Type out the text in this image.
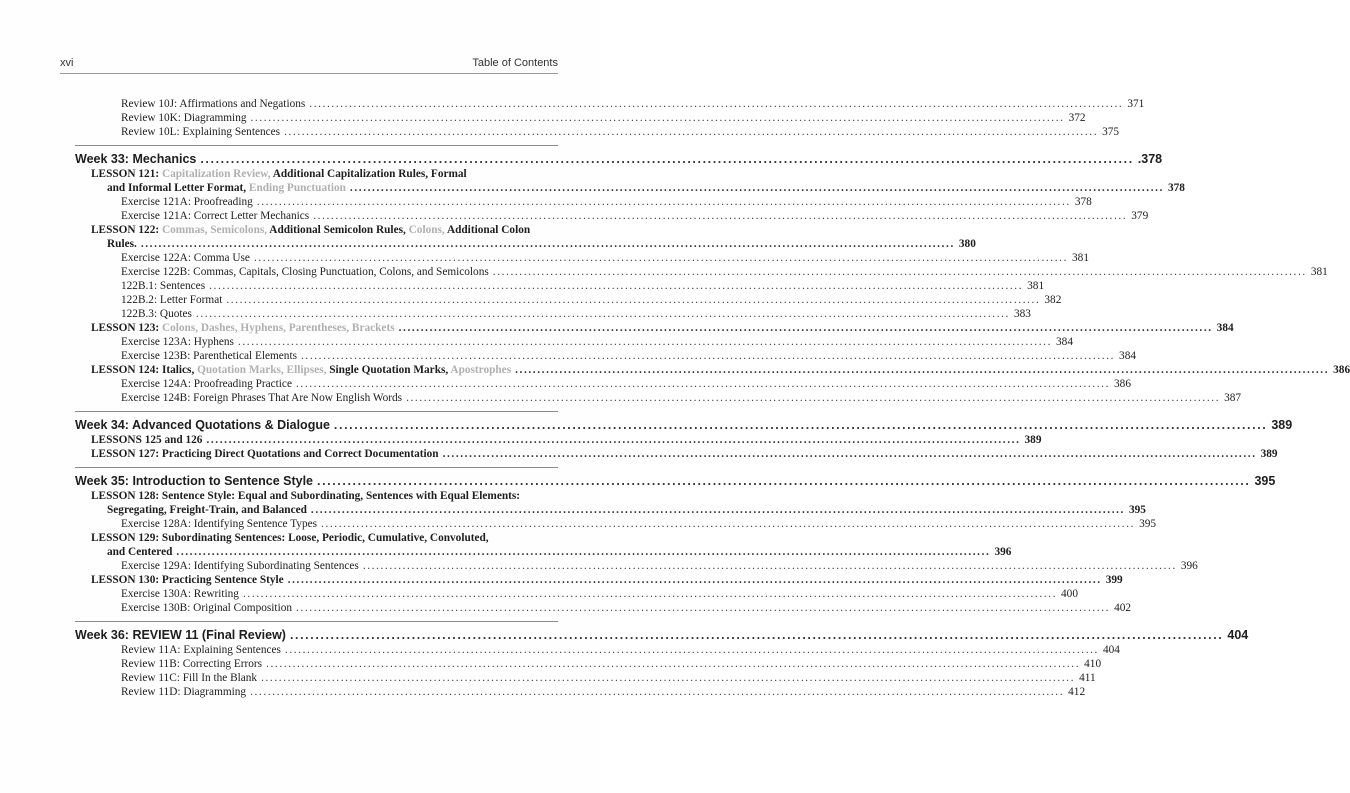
xvi	Table of Contents
Review 10J: Affirmations and Negations .....	371
Review 10K: Diagramming .....	372
Review 10L: Explaining Sentences .....	375
Week 33: Mechanics .....	.378
LESSON 121: Capitalization Review, Additional Capitalization Rules, Formal
and Informal Letter Format, Ending Punctuation .....	378
Exercise 121A: Proofreading .....	378
Exercise 121A: Correct Letter Mechanics .....	379
LESSON 122: Commas, Semicolons, Additional Semicolon Rules, Colons, Additional Colon
Rules. .....	380
Exercise 122A: Comma Use .....	381
Exercise 122B: Commas, Capitals, Closing Punctuation, Colons, and Semicolons .....	381
122B.1: Sentences .....	381
122B.2: Letter Format .....	382
122B.3: Quotes .....	383
LESSON 123: Colons, Dashes, Hyphens, Parentheses, Brackets .....	384
Exercise 123A: Hyphens .....	384
Exercise 123B: Parenthetical Elements .....	384
LESSON 124: Italics, Quotation Marks, Ellipses, Single Quotation Marks, Apostrophes .....	386
Exercise 124A: Proofreading Practice .....	386
Exercise 124B: Foreign Phrases That Are Now English Words .....	387
Week 34: Advanced Quotations & Dialogue .....	389
LESSONS 125 and 126 .....	389
LESSON 127: Practicing Direct Quotations and Correct Documentation .....	389
Week 35: Introduction to Sentence Style .....	395
LESSON 128: Sentence Style: Equal and Subordinating, Sentences with Equal Elements:
Segregating, Freight-Train, and Balanced .....	395
Exercise 128A: Identifying Sentence Types .....	395
LESSON 129: Subordinating Sentences: Loose, Periodic, Cumulative, Convoluted,
and Centered .....	396
Exercise 129A: Identifying Subordinating Sentences .....	396
LESSON 130: Practicing Sentence Style .....	399
Exercise 130A: Rewriting .....	400
Exercise 130B: Original Composition .....	402
Week 36: REVIEW 11 (Final Review) .....	404
Review 11A: Explaining Sentences .....	404
Review 11B: Correcting Errors .....	410
Review 11C: Fill In the Blank .....	411
Review 11D: Diagramming .....	412
